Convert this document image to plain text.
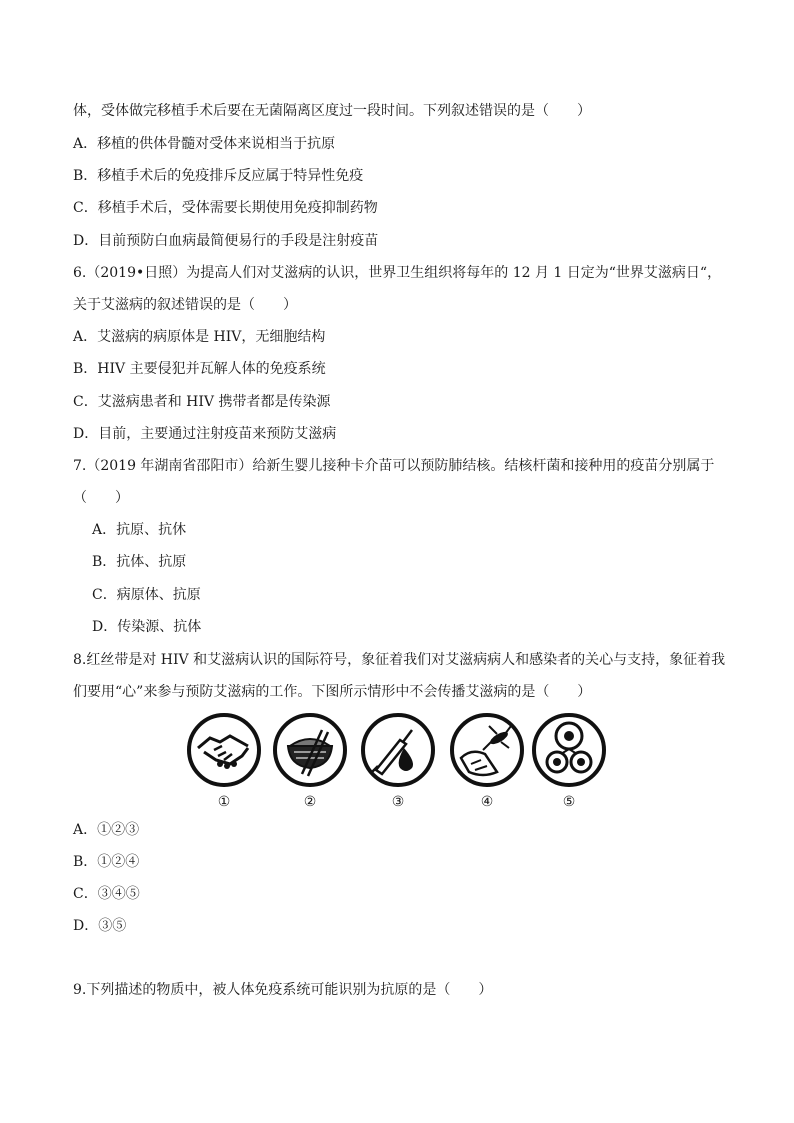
体，受体做完移植手术后要在无菌隔离区度过一段时间。下列叙述错误的是（　　）
A．移植的供体骨髓对受体来说相当于抗原
B．移植手术后的免疫排斥反应属于特异性免疫
C．移植手术后，受体需要长期使用免疫抑制药物
D．目前预防白血病最简便易行的手段是注射疫苗
6.（2019•日照）为提高人们对艾滋病的认识，世界卫生组织将每年的 12 月 1 日定为“世界艾滋病日“，
关于艾滋病的叙述错误的是（　　）
A．艾滋病的病原体是 HIV，无细胞结构
B．HIV 主要侵犯并瓦解人体的免疫系统
C．艾滋病患者和 HIV 携带者都是传染源
D．目前，主要通过注射疫苗来预防艾滋病
7.（2019 年湖南省邵阳市）给新生婴儿接种卡介苗可以预防肺结核。结核杆菌和接种用的疫苗分别属于
（　　）
A．抗原、抗休
B．抗体、抗原
C．病原体、抗原
D．传染源、抗体
8.红丝带是对 HIV 和艾滋病认识的国际符号，象征着我们对艾滋病病人和感染者的关心与支持，象征着我
们要用“心”来参与预防艾滋病的工作。下图所示情形中不会传播艾滋病的是（　　）
①	②	③	④	⑤
A．①②③
B．①②④
C．③④⑤
D．③⑤
9.下列描述的物质中，被人体免疫系统可能识别为抗原的是（　　）
